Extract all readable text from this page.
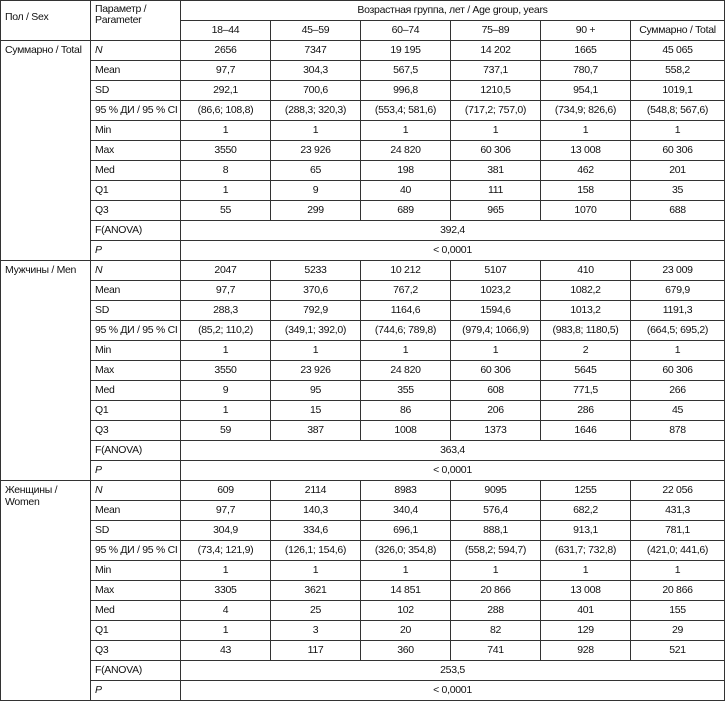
Пол / Sex	Параметр / Parameter	Возрастная группа, лет / Age group, years					
		18–44	45–59	60–74	75–89	90 +	Суммарно / Total
Суммарно / Total	N	2656	7347	19 195	14 202	1665	45 065
	Mean	97,7	304,3	567,5	737,1	780,7	558,2
	SD	292,1	700,6	996,8	1210,5	954,1	1019,1
	95 % ДИ / 95 % CI	(86,6; 108,8)	(288,3; 320,3)	(553,4; 581,6)	(717,2; 757,0)	(734,9; 826,6)	(548,8; 567,6)
	Min	1	1	1	1	1	1
	Max	3550	23 926	24 820	60 306	13 008	60 306
	Med	8	65	198	381	462	201
	Q1	1	9	40	111	158	35
	Q3	55	299	689	965	1070	688
	F(ANOVA)	392,4					
	P	< 0,0001					
Мужчины / Men	N	2047	5233	10 212	5107	410	23 009
	Mean	97,7	370,6	767,2	1023,2	1082,2	679,9
	SD	288,3	792,9	1164,6	1594,6	1013,2	1191,3
	95 % ДИ / 95 % CI	(85,2; 110,2)	(349,1; 392,0)	(744,6; 789,8)	(979,4; 1066,9)	(983,8; 1180,5)	(664,5; 695,2)
	Min	1	1	1	1	2	1
	Max	3550	23 926	24 820	60 306	5645	60 306
	Med	9	95	355	608	771,5	266
	Q1	1	15	86	206	286	45
	Q3	59	387	1008	1373	1646	878
	F(ANOVA)	363,4					
	P	< 0,0001					
Женщины / Women	N	609	2114	8983	9095	1255	22 056
	Mean	97,7	140,3	340,4	576,4	682,2	431,3
	SD	304,9	334,6	696,1	888,1	913,1	781,1
	95 % ДИ / 95 % CI	(73,4; 121,9)	(126,1; 154,6)	(326,0; 354,8)	(558,2; 594,7)	(631,7; 732,8)	(421,0; 441,6)
	Min	1	1	1	1	1	1
	Max	3305	3621	14 851	20 866	13 008	20 866
	Med	4	25	102	288	401	155
	Q1	1	3	20	82	129	29
	Q3	43	117	360	741	928	521
	F(ANOVA)	253,5					
	P	< 0,0001					
